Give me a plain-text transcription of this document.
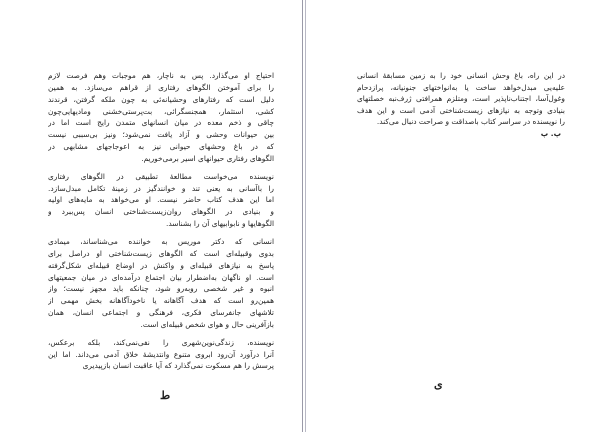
احتیاج او می‌گذارد. پس به ناچار، هم موجبات وهم فرصت لازم
را برای آموختن الگوهای رفتاری از قراهم می‌سازد. به همین
دلیل است که رفتارهای وحشیانه‌ئی به چون ملکه گرفتن، قرندند
کشی، استثمار، همجنسگرائی، بت‌پرستی‌خشنی ومادیهایی‌چون
چاقی و ذخم معده در میان انسانهای متمدن رایج است اما در
بین حیوانات وحشی و آزاد یافت نمی‌شود؛ ونیز بی‌سببی نیست
که در باغ وحشهای حیوانی نیز به اعوجاجهای مشابهی در
الگوهای رفتاری حیوانهای اسیر برمی‌خوریم.
نویسنده می‌خواست مطالعهٔ تطبیقی در الگوهای رفتاری
را با‌آسانی به یعنی تند و خوانندگیز در زمینهٔ تکامل مبدل‌سازد.
اما این هدف کتاب حاضر نیست. او می‌خواهد به مایه‌های اولیه
و بنیادی در الگوهای روان‌زیست‌شناختی انسان پس‌ببرد و
الگوهایها و نابوابیهای آن را بشناسد.
انسانی که دکتر موریس به خواننده می‌شناساند، میمادی
بدوی وقبیله‌ای است که الگوهای زیست‌شناختی او دراصل برای
پاسخ به نیازهای قبیله‌ای و واکنش در اوضاع قبیله‌ای شکل‌گرفته
است. او ناگهان به‌اضطرار بیان اجتماع درآمده‌ای در میان جمعیتهای
انبوه و غیر شخصی روبه‌رو شود، چنانکه باید مجهز نیست؛ واز
همین‌رو است که هدف آگاهانه یا ناخودآگاهانه بخش مهمی از
تلاشهای جانفرسای فکری، فرهنگی و اجتماعی انسان، همان
بازآفرینی حال و هوای شخص قبیله‌ای است.
نویسنده، زندگی‌نوین‌شهری را نفی‌نمی‌کند، بلکه برعکس،
آنرا درآورد آن‌رود ابروی متنوع وانتدیشهٔ خلاق آدمی می‌داند. اما این
پرسش را هم مسکوت نمی‌گذارد که آیا عاقبت انسان بازپیدیری
در این راه، باغ وحش انسانی خود را به زمین مسابقهٔ انسانی
علیه‌یی مبدل‌خواهد ساخت یا به‌انواختهای جنونیانه، پرازدحام
وغول‌آسا، اجتناب‌ناپذیر است، ومتلزم همرافتی ژرف‌نبه خصلتهای
بنیادی وتوجه به نیازهای زیست‌شناختی آدمی است و این هدف
را نویسنده در سراسر کتاب باصداقت و صراحت دنبال می‌کند.
پ. پ
ط
ی
